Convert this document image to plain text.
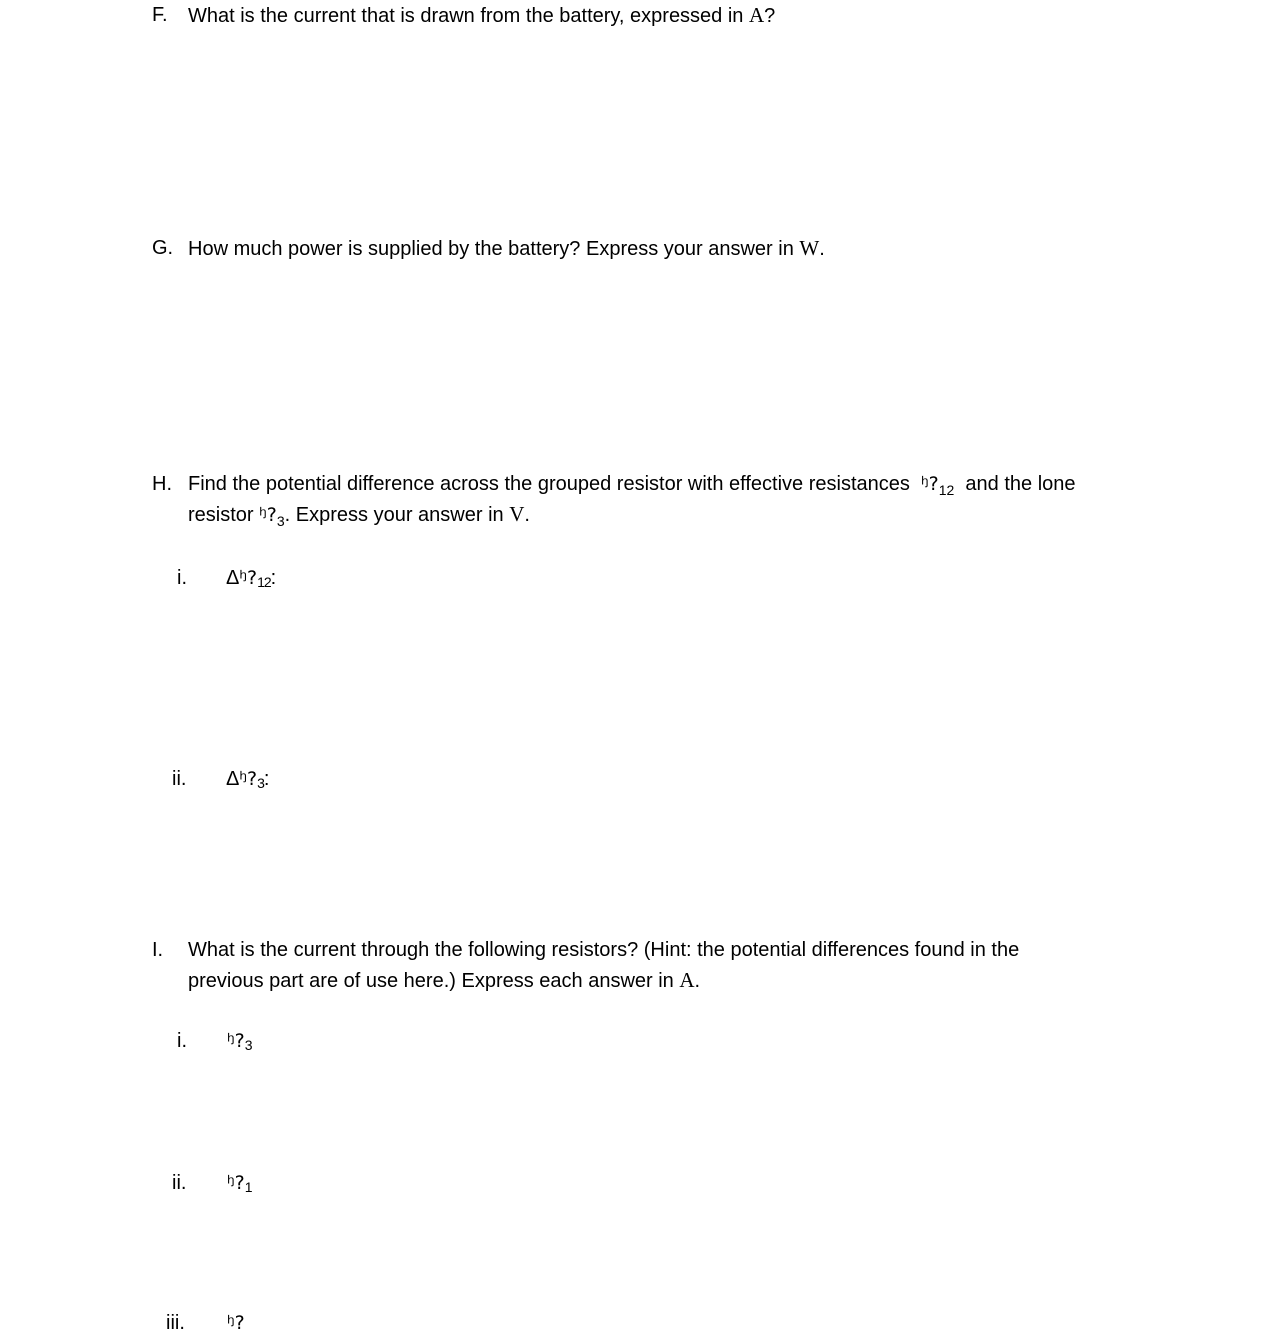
F. What is the current that is drawn from the battery, expressed in A?
G. How much power is supplied by the battery? Express your answer in W.
H. Find the potential difference across the grouped resistor with effective resistances $ꭜ?_{12}$ and the lone
resistor $ꭜ?_3$. Express your answer in V.
i. Δꭜ?12:
ii. Δꭜ?3:
I. What is the current through the following resistors? (Hint: the potential differences found in the
previous part are of use here.) Express each answer in A.
i. ꭜ?3
ii. ꭜ?1
iii. ꭜ?
